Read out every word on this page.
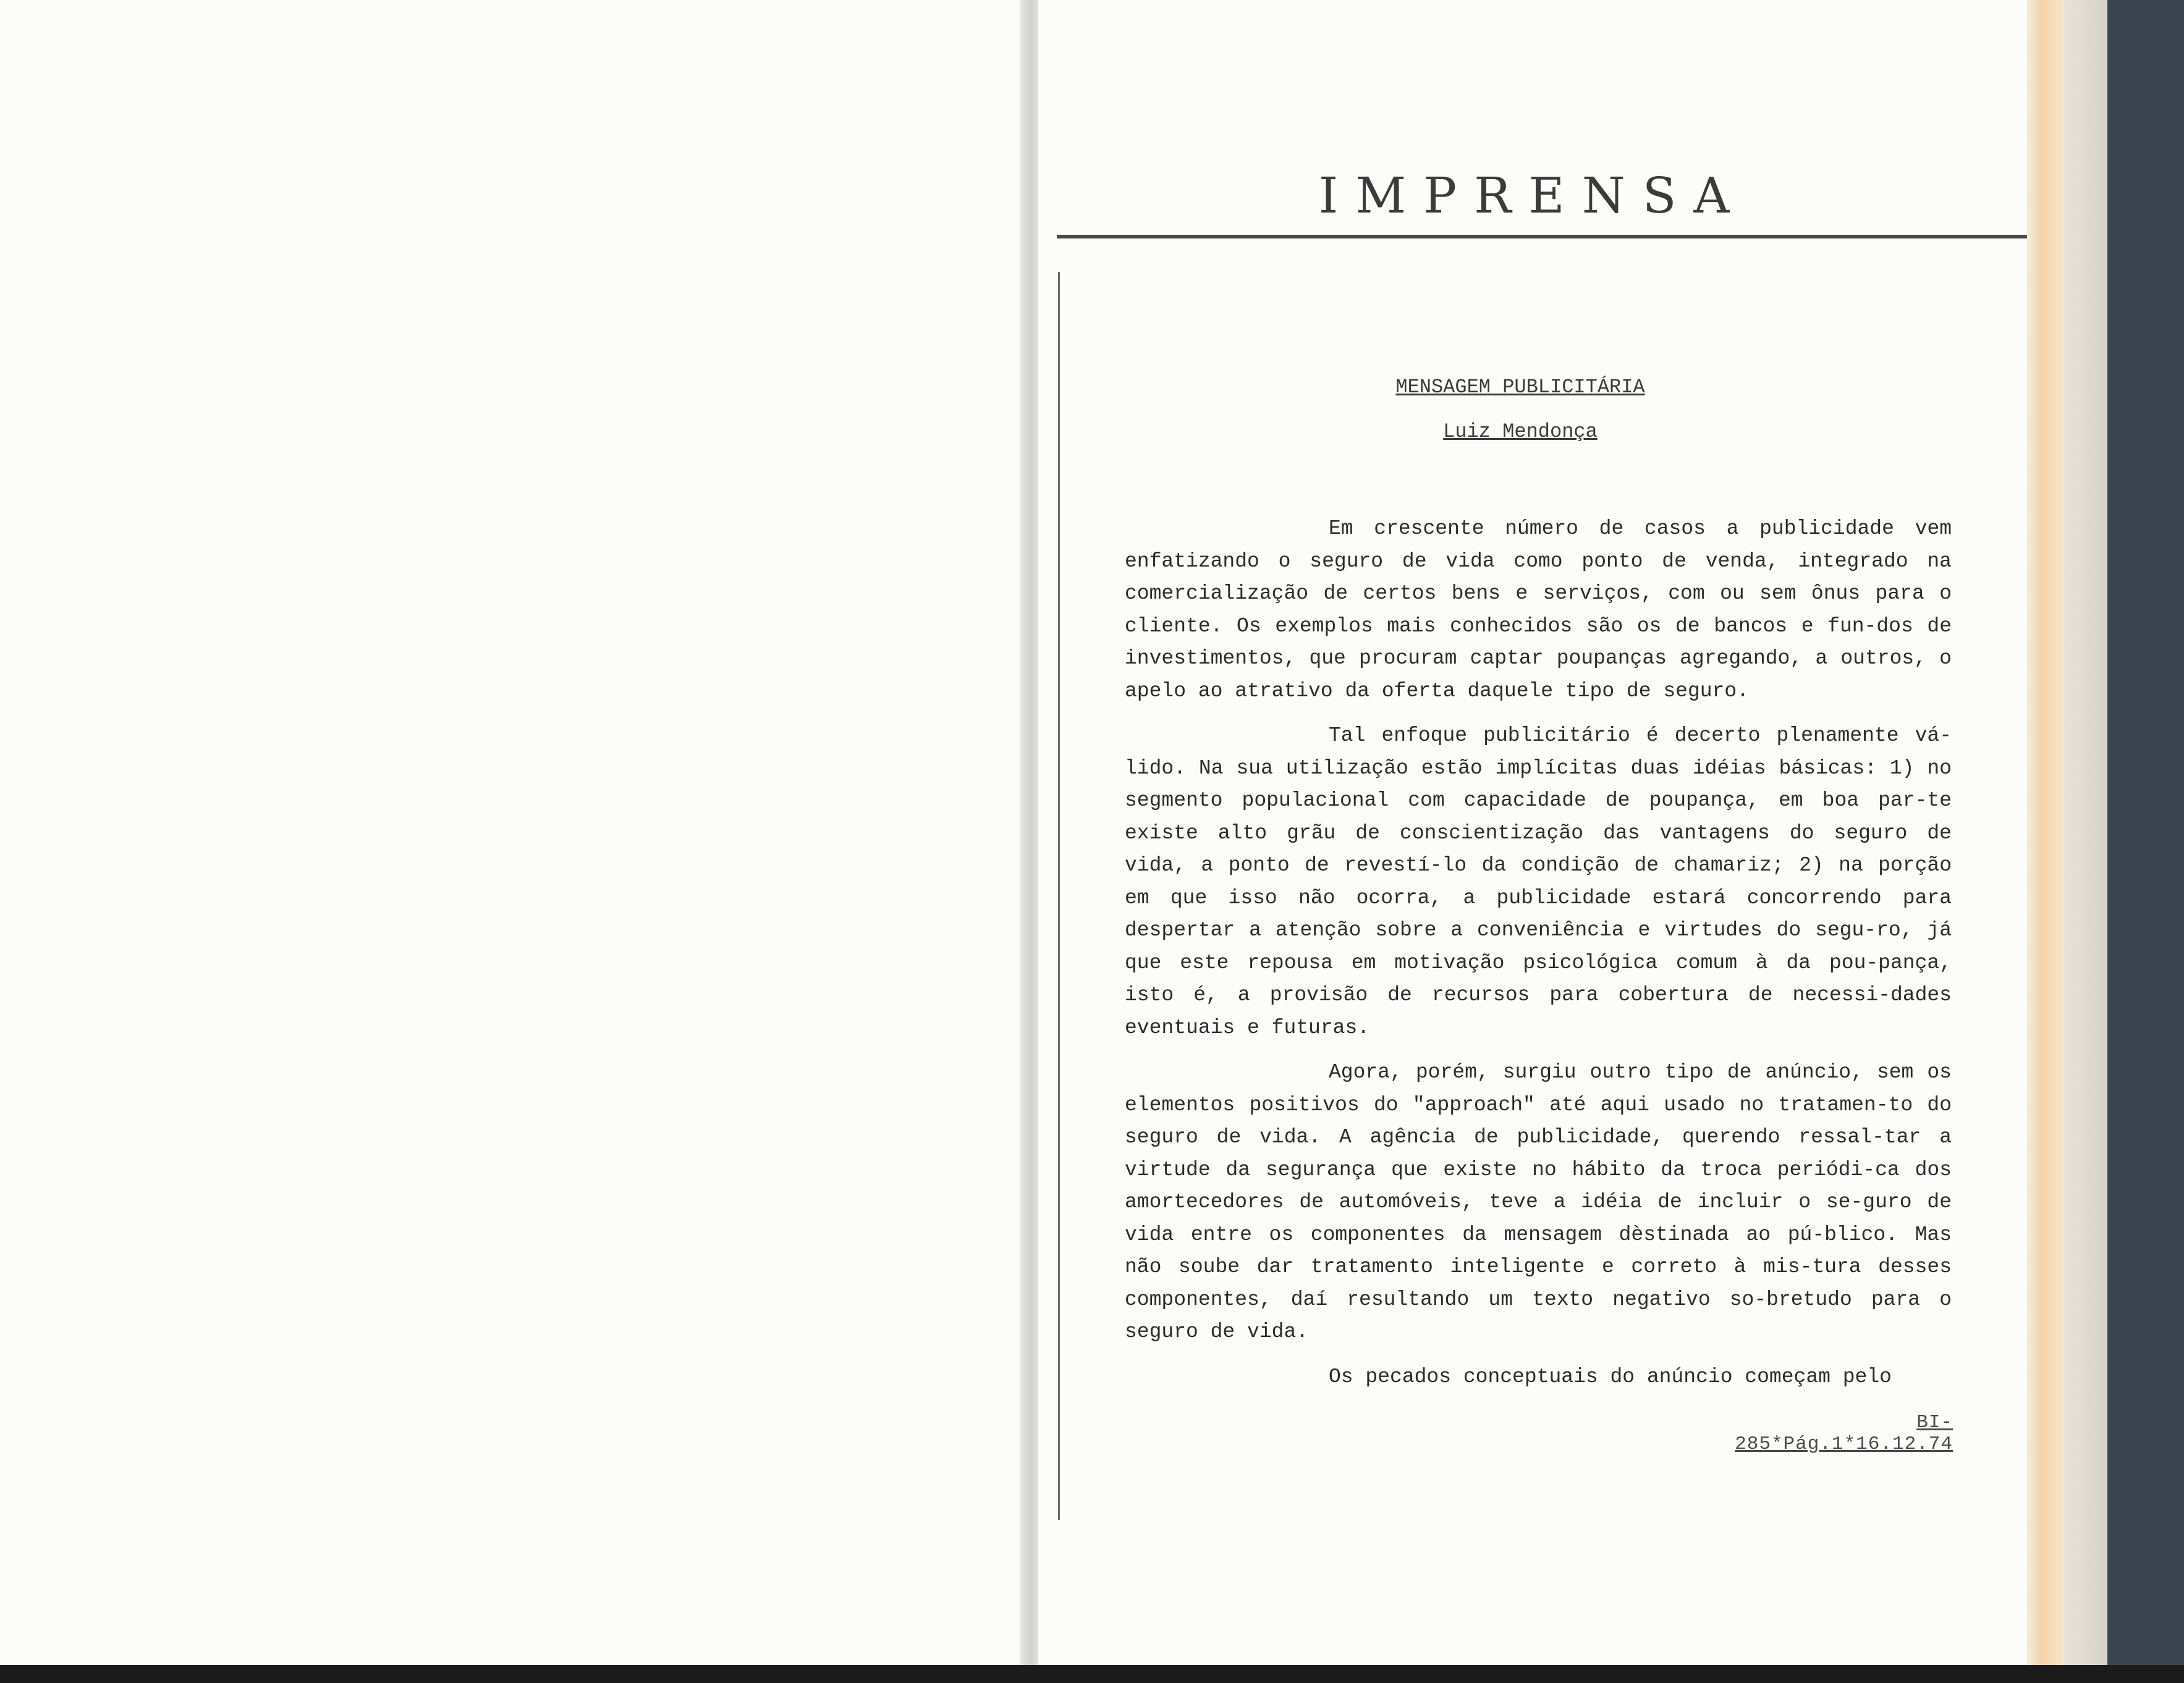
IMPRENSA
MENSAGEM PUBLICITÁRIA
Luiz Mendonça

Em crescente número de casos a publicidade vem enfatizando o seguro de vida como ponto de venda, integrado na comercialização de certos bens e serviços, com ou sem ônus para o cliente. Os exemplos mais conhecidos são os de bancos e fun-dos de investimentos, que procuram captar poupanças agregando, a outros, o apelo ao atrativo da oferta daquele tipo de seguro.

Tal enfoque publicitário é decerto plenamente vá-lido. Na sua utilização estão implícitas duas idéias básicas: 1) no segmento populacional com capacidade de poupança, em boa par-te existe alto grãu de conscientização das vantagens do seguro de vida, a ponto de revestí-lo da condição de chamariz; 2) na porção em que isso não ocorra, a publicidade estará concorrendo para despertar a atenção sobre a conveniência e virtudes do segu-ro, já que este repousa em motivação psicológica comum à da pou-pança, isto é, a provisão de recursos para cobertura de necessi-dades eventuais e futuras.

Agora, porém, surgiu outro tipo de anúncio, sem os elementos positivos do "approach" até aqui usado no tratamen-to do seguro de vida. A agência de publicidade, querendo ressal-tar a virtude da segurança que existe no hábito da troca periódi-ca dos amortecedores de automóveis, teve a idéia de incluir o se-guro de vida entre os componentes da mensagem dèstinada ao pú-blico. Mas não soube dar tratamento inteligente e correto à mis-tura desses componentes, daí resultando um texto negativo so-bretudo para o seguro de vida.

Os pecados conceptuais do anúncio começam pelo

BI-285*Pág.1*16.12.74
